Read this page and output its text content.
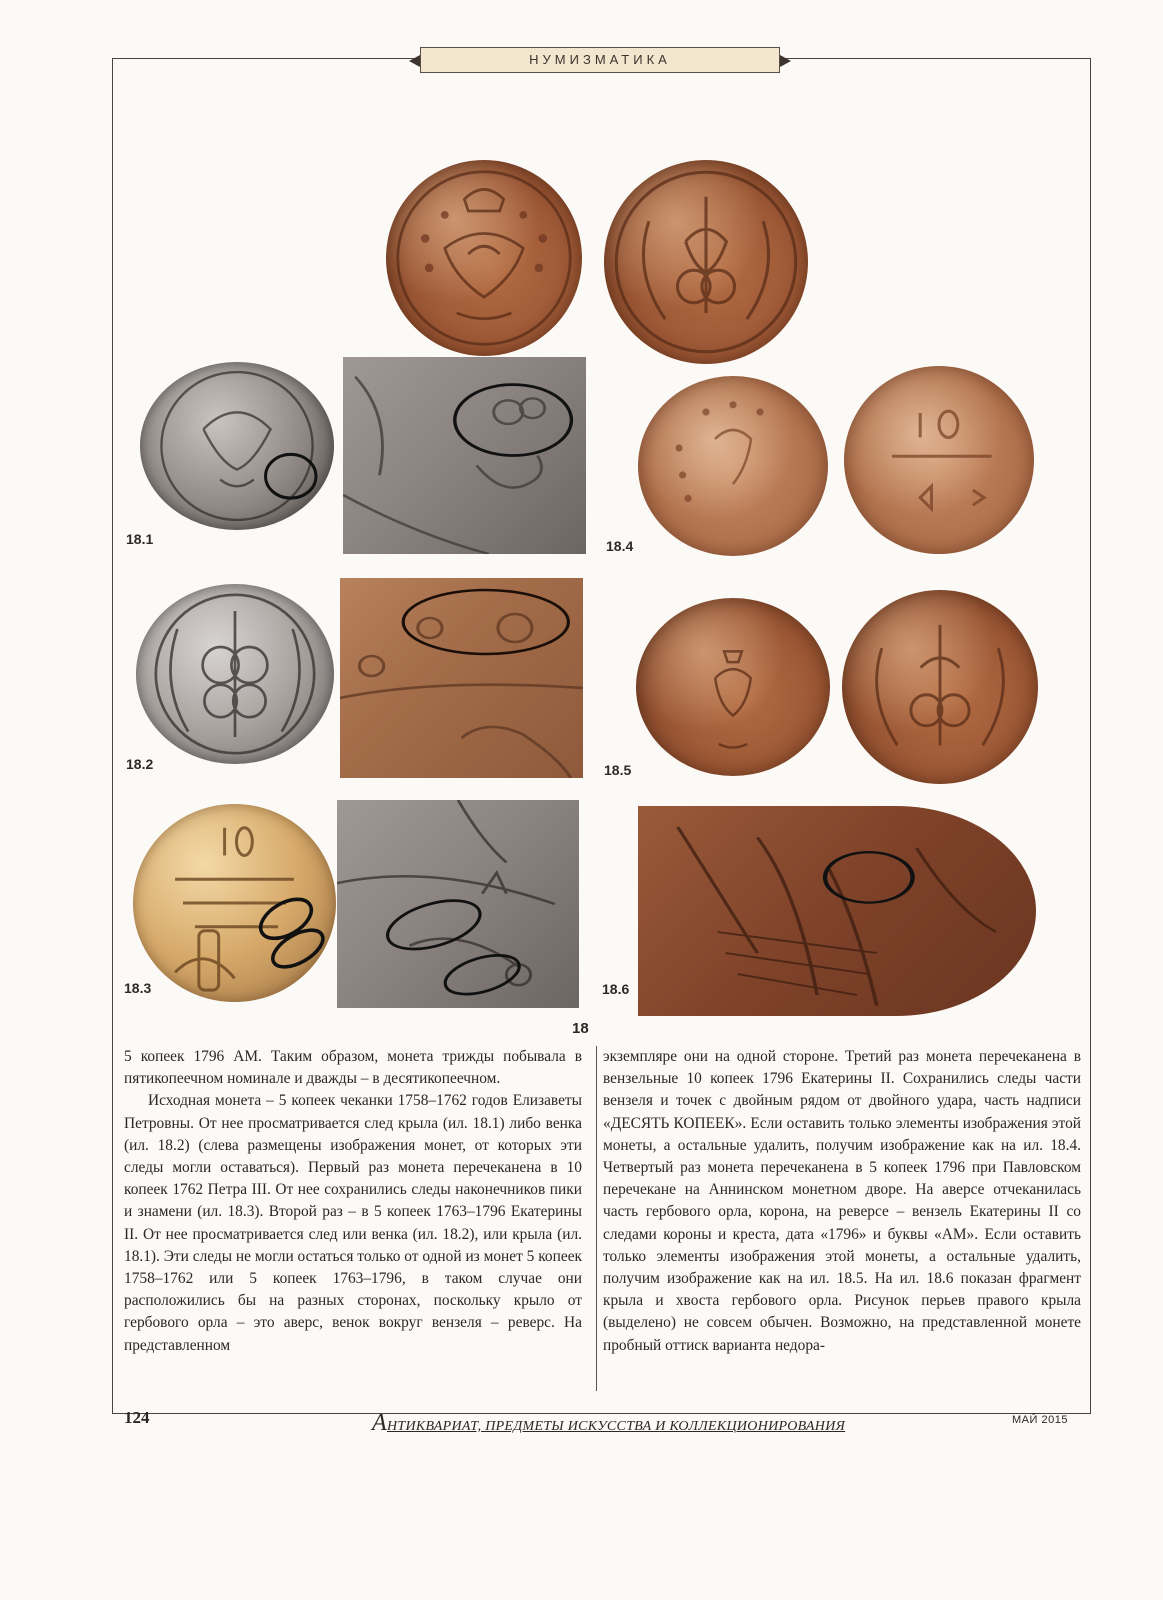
НУМИЗМАТИКА
18.1	18.4
18.2	18.5
18.3	18.6
18

5 копеек 1796 АМ. Таким образом, монета трижды побывала в пятикопеечном номинале и дважды – в десятикопеечном.

Исходная монета – 5 копеек чеканки 1758–1762 годов Елизаветы Петровны. От нее просматривается след крыла (ил. 18.1) либо венка (ил. 18.2) (слева размещены изображения монет, от которых эти следы могли оставаться). Первый раз монета перечеканена в 10 копеек 1762 Петра III. От нее сохранились следы наконечников пики и знамени (ил. 18.3). Второй раз – в 5 копеек 1763–1796 Екатерины II. От нее просматривается след или венка (ил. 18.2), или крыла (ил. 18.1). Эти следы не могли остаться только от одной из монет 5 копеек 1758–1762 или 5 копеек 1763–1796, в таком случае они расположились бы на разных сторонах, поскольку крыло от гербового орла – это аверс, венок вокруг вензеля – реверс. На представленном

экземпляре они на одной стороне. Третий раз монета перечеканена в вензельные 10 копеек 1796 Екатерины II. Сохранились следы части вензеля и точек с двойным рядом от двойного удара, часть надписи «ДЕСЯТЬ КОПЕЕК». Если оставить только элементы изображения этой монеты, а остальные удалить, получим изображение как на ил. 18.4. Четвертый раз монета перечеканена в 5 копеек 1796 при Павловском перечекане на Аннинском монетном дворе. На аверсе отчеканилась часть гербового орла, корона, на реверсе – вензель Екатерины II со следами короны и креста, дата «1796» и буквы «АМ». Если оставить только элементы изображения этой монеты, а остальные удалить, получим изображение как на ил. 18.5. На ил. 18.6 показан фрагмент крыла и хвоста гербового орла. Рисунок перьев правого крыла (выделено) не совсем обычен. Возможно, на представленной монете пробный оттиск варианта недора-

124	АНТИКВАРИАТ, ПРЕДМЕТЫ ИСКУССТВА И КОЛЛЕКЦИОНИРОВАНИЯ	МАЙ 2015
